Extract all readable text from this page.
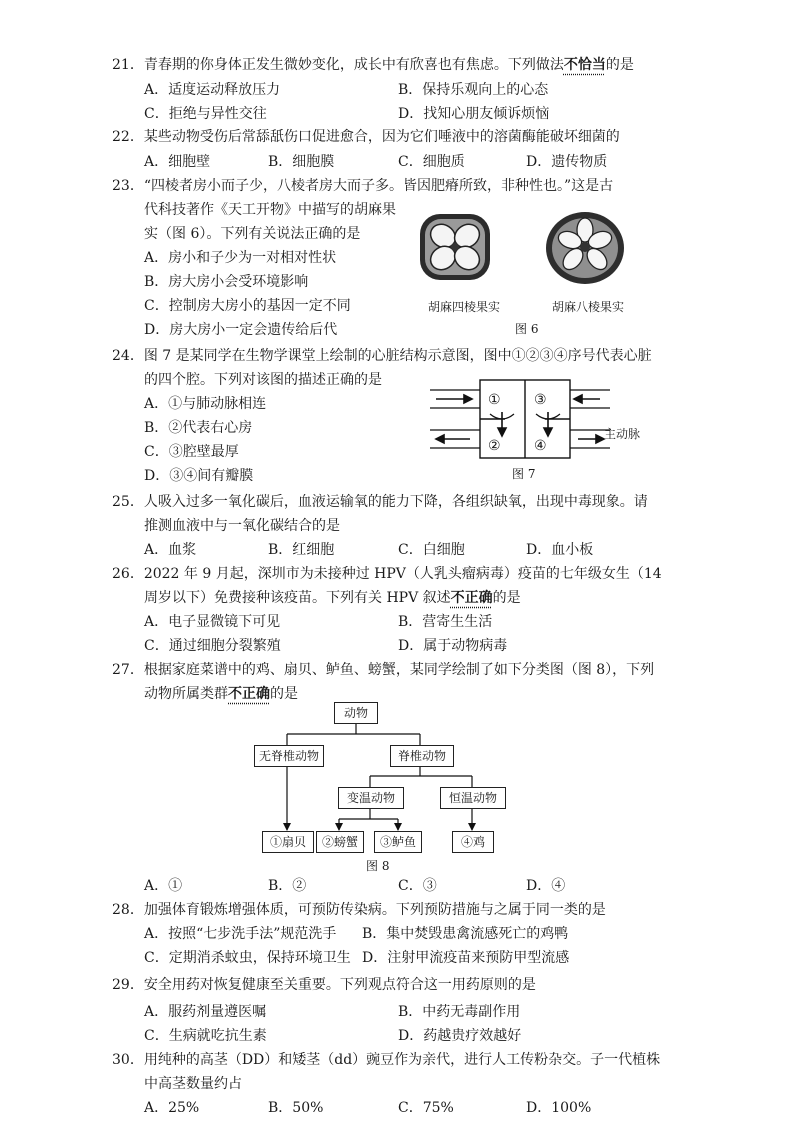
21．青春期的你身体正发生微妙变化，成长中有欣喜也有焦虑。下列做法不恰当的是
A．适度运动释放压力	B．保持乐观向上的心态
C．拒绝与异性交往	D．找知心朋友倾诉烦恼
22．某些动物受伤后常舔舐伤口促进愈合，因为它们唾液中的溶菌酶能破坏细菌的
A．细胞壁	B．细胞膜	C．细胞质	D．遗传物质
23．“四棱者房小而子少，八棱者房大而子多。皆因肥瘠所致，非种性也。”这是古
代科技著作《天工开物》中描写的胡麻果
实（图 6）。下列有关说法正确的是
A．房小和子少为一对相对性状
B．房大房小会受环境影响
C．控制房大房小的基因一定不同
D．房大房小一定会遗传给后代
胡麻四棱果实	胡麻八棱果实
图 6
24．图 7 是某同学在生物学课堂上绘制的心脏结构示意图，图中①②③④序号代表心脏
的四个腔。下列对该图的描述正确的是
A．①与肺动脉相连
B．②代表右心房
C．③腔壁最厚
D．③④间有瓣膜
①
②
③
④
主动脉
图 7
25．人吸入过多一氧化碳后，血液运输氧的能力下降，各组织缺氧，出现中毒现象。请
推测血液中与一氧化碳结合的是
A．血浆	B．红细胞	C．白细胞	D．血小板
26．2022 年 9 月起，深圳市为未接种过 HPV（人乳头瘤病毒）疫苗的七年级女生（14
周岁以下）免费接种该疫苗。下列有关 HPV 叙述不正确的是
A．电子显微镜下可见	B．营寄生生活
C．通过细胞分裂繁殖	D．属于动物病毒
27．根据家庭菜谱中的鸡、扇贝、鲈鱼、螃蟹，某同学绘制了如下分类图（图 8），下列
动物所属类群不正确的是
动物
无脊椎动物	脊椎动物
变温动物	恒温动物
①扇贝	②螃蟹	③鲈鱼	④鸡
图 8
A．①	B．②	C．③	D．④
28．加强体育锻炼增强体质，可预防传染病。下列预防措施与之属于同一类的是
A．按照“七步洗手法”规范洗手 B．集中焚毁患禽流感死亡的鸡鸭
C．定期消杀蚊虫，保持环境卫生 D．注射甲流疫苗来预防甲型流感
29．安全用药对恢复健康至关重要。下列观点符合这一用药原则的是
A．服药剂量遵医嘱	B．中药无毒副作用
C．生病就吃抗生素	D．药越贵疗效越好
30．用纯种的高茎（DD）和矮茎（dd）豌豆作为亲代，进行人工传粉杂交。子一代植株
中高茎数量约占
A．25%	B．50%	C．75%	D．100%
